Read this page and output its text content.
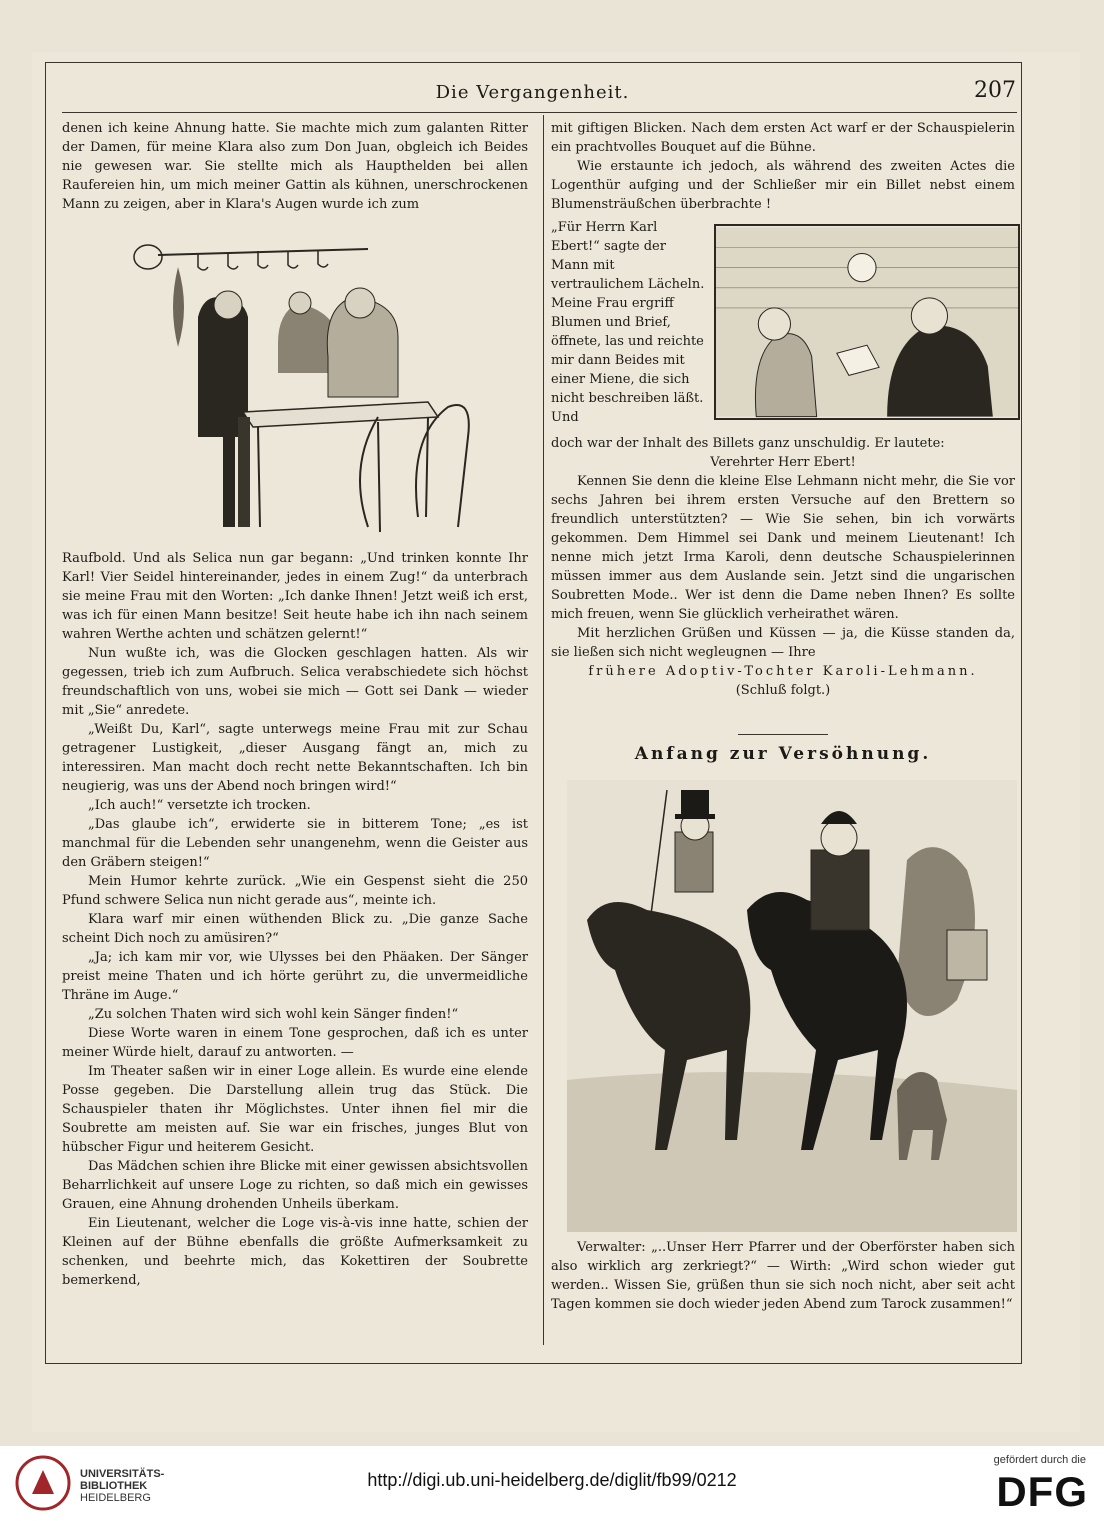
Die Vergangenheit.	207

denen ich keine Ahnung hatte. Sie machte mich zum galanten Ritter der Damen, für meine Klara also zum Don Juan, obgleich ich Beides nie gewesen war. Sie stellte mich als Haupthelden bei allen Raufereien hin, um mich meiner Gattin als kühnen, unerschrockenen Mann zu zeigen, aber in Klara's Augen wurde ich zum

Raufbold. Und als Selica nun gar begann: „Und trinken konnte Ihr Karl! Vier Seidel hintereinander, jedes in einem Zug!“ da unterbrach sie meine Frau mit den Worten: „Ich danke Ihnen! Jetzt weiß ich erst, was ich für einen Mann besitze! Seit heute habe ich ihn nach seinem wahren Werthe achten und schätzen gelernt!“

Nun wußte ich, was die Glocken geschlagen hatten. Als wir gegessen, trieb ich zum Aufbruch. Selica verabschiedete sich höchst freundschaftlich von uns, wobei sie mich — Gott sei Dank — wieder mit „Sie“ anredete.

„Weißt Du, Karl“, sagte unterwegs meine Frau mit zur Schau getragener Lustigkeit, „dieser Ausgang fängt an, mich zu interessiren. Man macht doch recht nette Bekanntschaften. Ich bin neugierig, was uns der Abend noch bringen wird!“

„Ich auch!“ versetzte ich trocken.

„Das glaube ich“, erwiderte sie in bitterem Tone; „es ist manchmal für die Lebenden sehr unangenehm, wenn die Geister aus den Gräbern steigen!“

Mein Humor kehrte zurück. „Wie ein Gespenst sieht die 250 Pfund schwere Selica nun nicht gerade aus“, meinte ich.

Klara warf mir einen wüthenden Blick zu. „Die ganze Sache scheint Dich noch zu amüsiren?“

„Ja; ich kam mir vor, wie Ulysses bei den Phäaken. Der Sänger preist meine Thaten und ich hörte gerührt zu, die unvermeidliche Thräne im Auge.“

„Zu solchen Thaten wird sich wohl kein Sänger finden!“

Diese Worte waren in einem Tone gesprochen, daß ich es unter meiner Würde hielt, darauf zu antworten. —

Im Theater saßen wir in einer Loge allein. Es wurde eine elende Posse gegeben. Die Darstellung allein trug das Stück. Die Schauspieler thaten ihr Möglichstes. Unter ihnen fiel mir die Soubrette am meisten auf. Sie war ein frisches, junges Blut von hübscher Figur und heiterem Gesicht.

Das Mädchen schien ihre Blicke mit einer gewissen absichtsvollen Beharrlichkeit auf unsere Loge zu richten, so daß mich ein gewisses Grauen, eine Ahnung drohenden Unheils überkam.

Ein Lieutenant, welcher die Loge vis-à-vis inne hatte, schien der Kleinen auf der Bühne ebenfalls die größte Aufmerksamkeit zu schenken, und beehrte mich, das Kokettiren der Soubrette bemerkend,

mit giftigen Blicken. Nach dem ersten Act warf er der Schauspielerin ein prachtvolles Bouquet auf die Bühne.

Wie erstaunte ich jedoch, als während des zweiten Actes die Logenthür aufging und der Schließer mir ein Billet nebst einem Blumensträußchen überbrachte !

„Für Herrn Karl Ebert!“ sagte der Mann mit vertraulichem Lächeln. Meine Frau ergriff Blumen und Brief, öffnete, las und reichte mir dann Beides mit einer Miene, die sich nicht beschreiben läßt. Und

doch war der Inhalt des Billets ganz unschuldig. Er lautete:

Verehrter Herr Ebert!

Kennen Sie denn die kleine Else Lehmann nicht mehr, die Sie vor sechs Jahren bei ihrem ersten Versuche auf den Brettern so freundlich unterstützten? — Wie Sie sehen, bin ich vorwärts gekommen. Dem Himmel sei Dank und meinem Lieutenant! Ich nenne mich jetzt Irma Karoli, denn deutsche Schauspielerinnen müssen immer aus dem Auslande sein. Jetzt sind die ungarischen Soubretten Mode.. Wer ist denn die Dame neben Ihnen? Es sollte mich freuen, wenn Sie glücklich verheirathet wären.

Mit herzlichen Grüßen und Küssen — ja, die Küsse standen da, sie ließen sich nicht wegleugnen — Ihre

frühere Adoptiv-Tochter Karoli-Lehmann.

(Schluß folgt.)

Anfang zur Versöhnung.

Verwalter: „..Unser Herr Pfarrer und der Oberförster haben sich also wirklich arg zerkriegt?“ — Wirth: „Wird schon wieder gut werden.. Wissen Sie, grüßen thun sie sich noch nicht, aber seit acht Tagen kommen sie doch wieder jeden Abend zum Tarock zusammen!“

UNIVERSITÄTS-
BIBLIOTHEK
HEIDELBERG
http://digi.ub.uni-heidelberg.de/diglit/fb99/0212
gefördert durch die
DFG
